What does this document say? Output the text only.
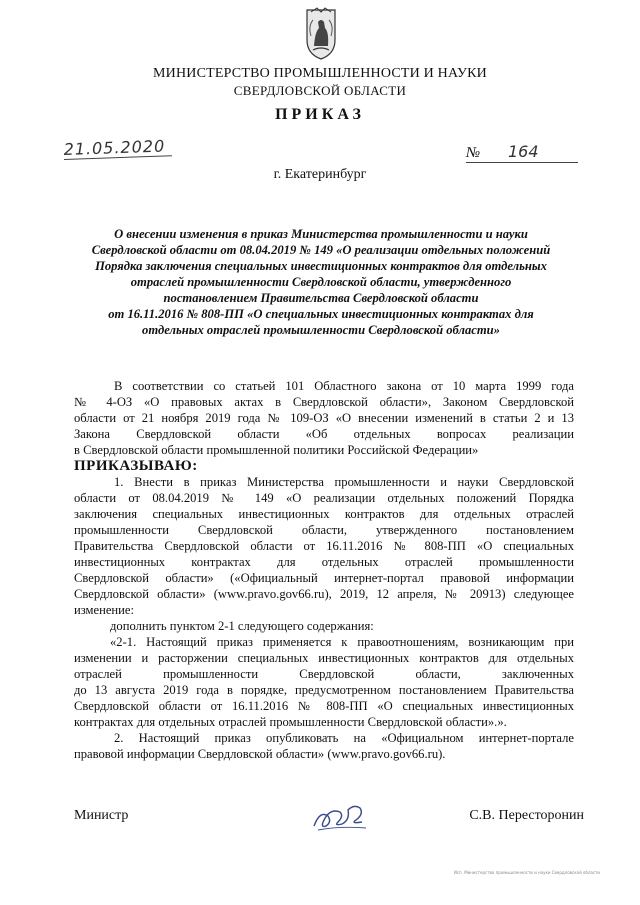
МИНИСТЕРСТВО ПРОМЫШЛЕННОСТИ И НАУКИ
СВЕРДЛОВСКОЙ ОБЛАСТИ
ПРИКАЗ
21.05.2020	№ 164
г. Екатеринбург
О внесении изменения в приказ Министерства промышленности и науки
Свердловской области от 08.04.2019 № 149 «О реализации отдельных положений
Порядка заключения специальных инвестиционных контрактов для отдельных
отраслей промышленности Свердловской области, утвержденного
постановлением Правительства Свердловской области
от 16.11.2016 № 808-ПП «О специальных инвестиционных контрактах для
отдельных отраслей промышленности Свердловской области»
В соответствии со статьей 101 Областного закона от 10 марта 1999 года
№ 4-ОЗ «О правовых актах в Свердловской области», Законом Свердловской
области от 21 ноября 2019 года № 109-ОЗ «О внесении изменений в статьи 2 и 13
Закона Свердловской области «Об отдельных вопросах реализации
в Свердловской области промышленной политики Российской Федерации»
ПРИКАЗЫВАЮ:
1. Внести в приказ Министерства промышленности и науки Свердловской
области от 08.04.2019 № 149 «О реализации отдельных положений Порядка
заключения специальных инвестиционных контрактов для отдельных отраслей
промышленности Свердловской области, утвержденного постановлением
Правительства Свердловской области от 16.11.2016 № 808-ПП «О специальных
инвестиционных контрактах для отдельных отраслей промышленности
Свердловской области» («Официальный интернет-портал правовой информации
Свердловской области» (www.pravo.gov66.ru), 2019, 12 апреля, № 20913) следующее
изменение:
дополнить пунктом 2-1 следующего содержания:
«2-1. Настоящий приказ применяется к правоотношениям, возникающим при
изменении и расторжении специальных инвестиционных контрактов для отдельных
отраслей промышленности Свердловской области, заключенных
до 13 августа 2019 года в порядке, предусмотренном постановлением Правительства
Свердловской области от 16.11.2016 № 808-ПП «О специальных инвестиционных
контрактах для отдельных отраслей промышленности Свердловской области».».
2. Настоящий приказ опубликовать на «Официальном интернет-портале
правовой информации Свердловской области» (www.pravo.gov66.ru).
Министр	С.В. Пересторонин
Исп. Министерство промышленности и науки Свердловской области
